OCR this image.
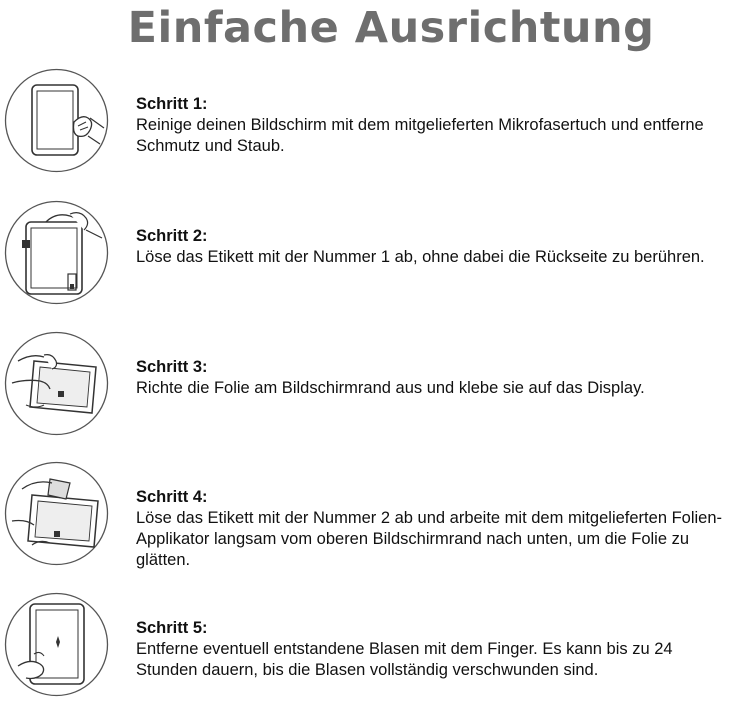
Einfache Ausrichtung
Schritt 1:
Reinige deinen Bildschirm mit dem mitgelieferten Mikrofasertuch und entferne Schmutz und Staub.
Schritt 2:
Löse das Etikett mit der Nummer 1 ab, ohne dabei die Rückseite zu berühren.
Schritt 3:
Richte die Folie am Bildschirmrand aus und klebe sie auf das Display.
Schritt 4:
Löse das Etikett mit der Nummer 2 ab und arbeite mit dem mitgelieferten Folien-Applikator langsam vom oberen Bildschirmrand nach unten, um die Folie zu glätten.
Schritt 5:
Entferne eventuell entstandene Blasen mit dem Finger. Es kann bis zu 24 Stunden dauern, bis die Blasen vollständig verschwunden sind.
